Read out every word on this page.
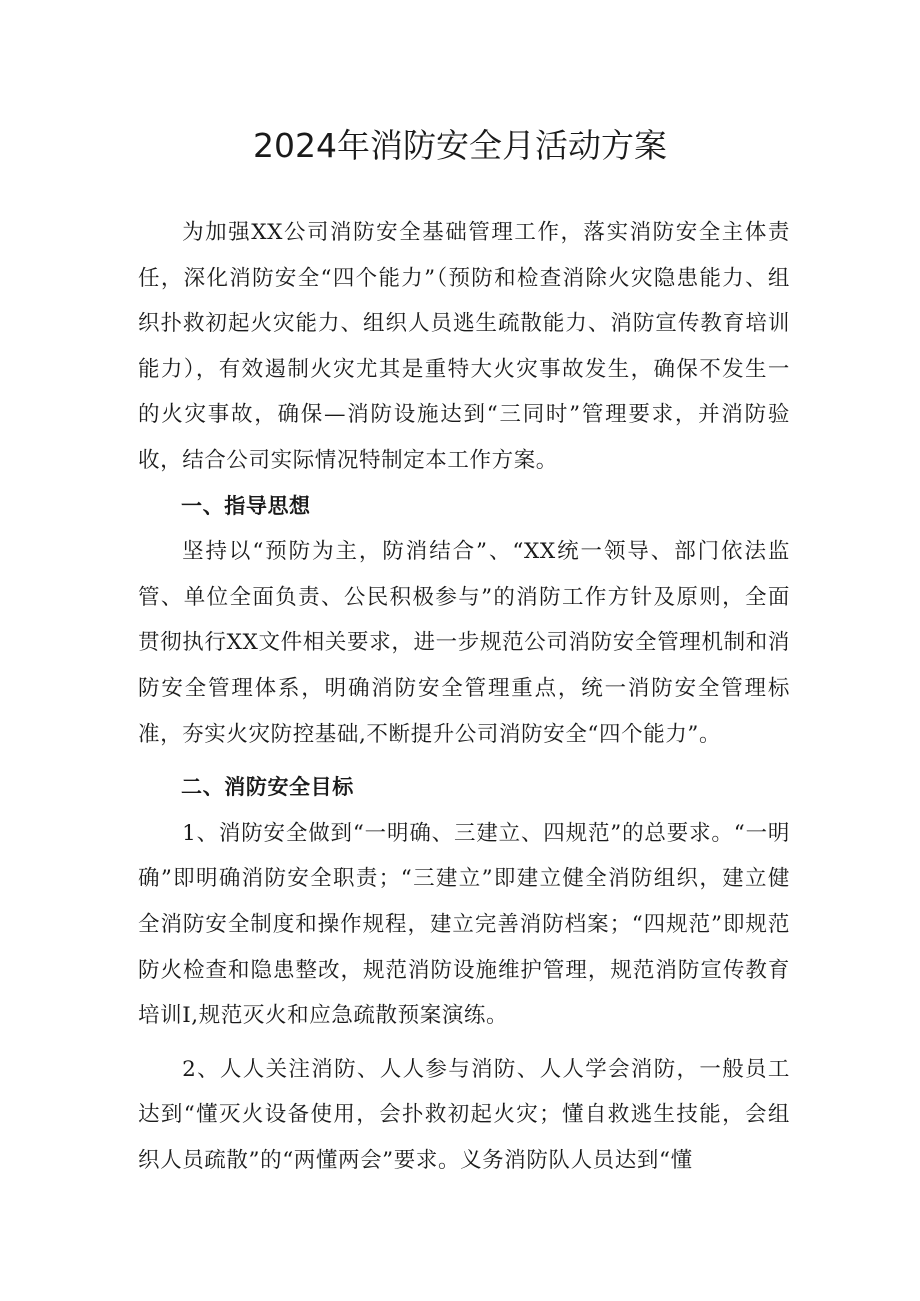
2024年消防安全月活动方案

为加强XX公司消防安全基础管理工作，落实消防安全主体责任，深化消防安全“四个能力”（预防和检查消除火灾隐患能力、组织扑救初起火灾能力、组织人员逃生疏散能力、消防宣传教育培训能力），有效遏制火灾尤其是重特大火灾事故发生，确保不发生一的火灾事故，确保—消防设施达到“三同时”管理要求，并消防验收，结合公司实际情况特制定本工作方案。

一、指导思想

坚持以“预防为主，防消结合”、“XX统一领导、部门依法监管、单位全面负责、公民积极参与”的消防工作方针及原则，全面贯彻执行XX文件相关要求，进一步规范公司消防安全管理机制和消防安全管理体系，明确消防安全管理重点，统一消防安全管理标准，夯实火灾防控基础,不断提升公司消防安全“四个能力”。

二、消防安全目标

1、消防安全做到“一明确、三建立、四规范”的总要求。“一明确”即明确消防安全职责；“三建立”即建立健全消防组织，建立健全消防安全制度和操作规程，建立完善消防档案；“四规范”即规范防火检查和隐患整改，规范消防设施维护管理，规范消防宣传教育培训I,规范灭火和应急疏散预案演练。

2、人人关注消防、人人参与消防、人人学会消防，一般员工达到“懂灭火设备使用，会扑救初起火灾；懂自救逃生技能，会组织人员疏散”的“两懂两会”要求。义务消防队人员达到“懂
